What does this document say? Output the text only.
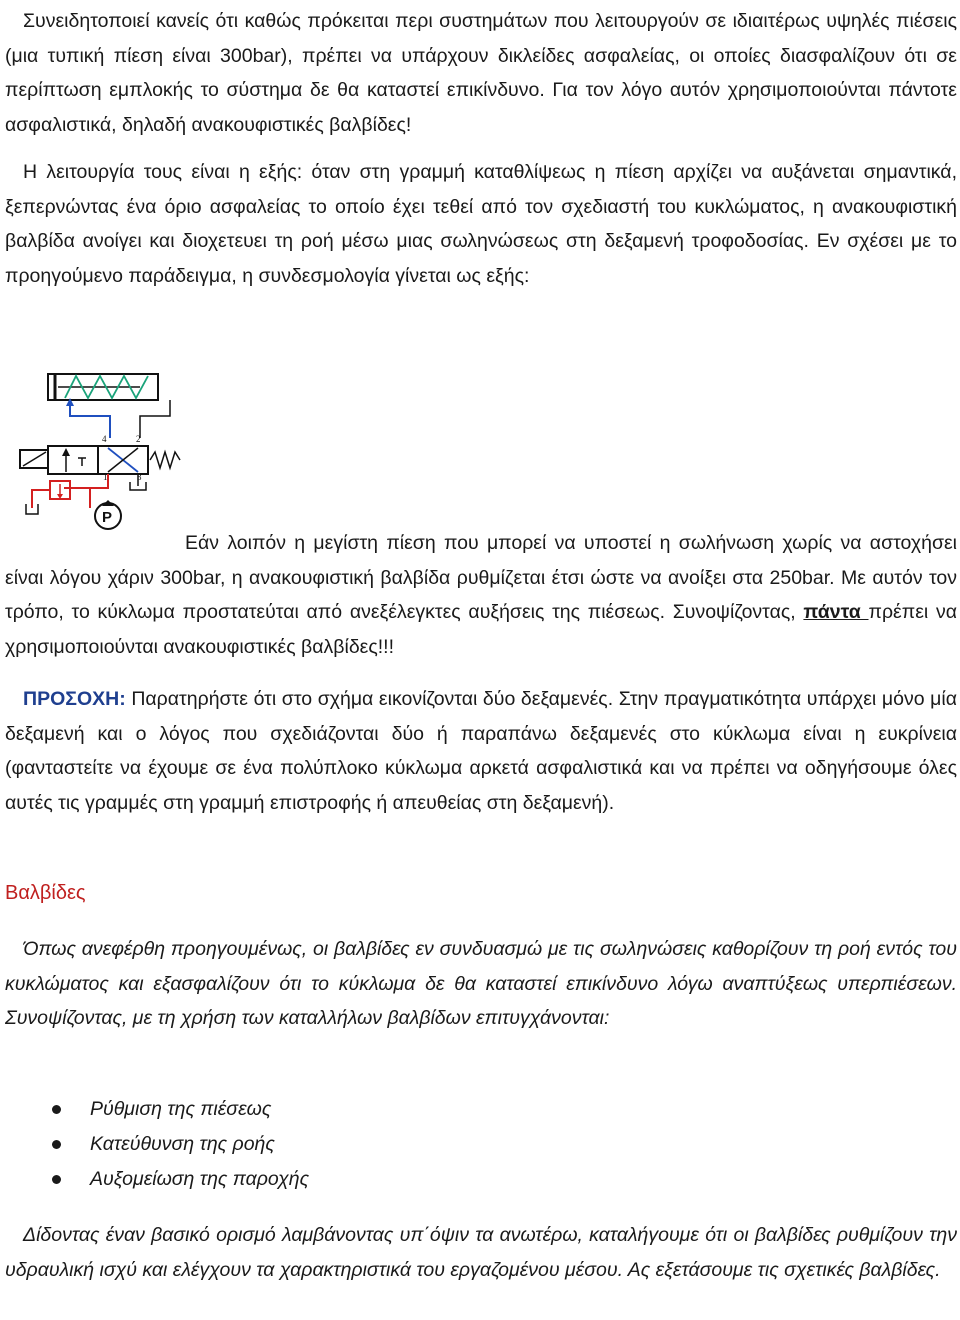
Συνειδητοποιεί κανείς ότι καθώς πρόκειται περι συστημάτων που λειτουργούν σε ιδιαιτέρως υψηλές πιέσεις (μια τυπική πίεση είναι 300bar), πρέπει να υπάρχουν δικλείδες ασφαλείας, οι οποίες διασφαλίζουν ότι σε περίπτωση εμπλοκής το σύστημα δε θα καταστεί επικίνδυνο. Για τον λόγο αυτόν χρησιμοποιούνται πάντοτε ασφαλιστικά, δηλαδή ανακουφιστικές βαλβίδες!

Η λειτουργία τους είναι η εξής: όταν στη γραμμή καταθλίψεως η πίεση αρχίζει να αυξάνεται σημαντικά, ξεπερνώντας ένα όριο ασφαλείας το οποίο έχει τεθεί από τον σχεδιαστή του κυκλώματος, η ανακουφιστική βαλβίδα ανοίγει και διοχετευει τη ροή μέσω μιας σωληνώσεως στη δεξαμενή τροφοδοσίας. Εν σχέσει με το προηγούμενο παράδειγμα, η συνδεσμολογία γίνεται ως εξής:

4	2
1	3
P

Εάν λοιπόν η μεγίστη πίεση που μπορεί να υποστεί η σωλήνωση χωρίς να αστοχήσει είναι λόγου χάριν 300bar, η ανακουφιστική βαλβίδα ρυθμίζεται έτσι ώστε να ανοίξει στα 250bar. Με αυτόν τον τρόπο, το κύκλωμα προστατεύται από ανεξέλεγκτες αυξήσεις της πιέσεως. Συνοψίζοντας, πάντα πρέπει να χρησιμοποιούνται ανακουφιστικές βαλβίδες!!!

ΠΡΟΣΟΧΗ: Παρατηρήστε ότι στο σχήμα εικονίζονται δύο δεξαμενές. Στην πραγματικότητα υπάρχει μόνο μία δεξαμενή και ο λόγος που σχεδιάζονται δύο ή παραπάνω δεξαμενές στο κύκλωμα είναι η ευκρίνεια (φανταστείτε να έχουμε σε ένα πολύπλοκο κύκλωμα αρκετά ασφαλιστικά και να πρέπει να οδηγήσουμε όλες αυτές τις γραμμές στη γραμμή επιστροφής ή απευθείας στη δεξαμενή).

Βαλβίδες

Όπως ανεφέρθη προηγουμένως, οι βαλβίδες εν συνδυασμώ με τις σωληνώσεις καθορίζουν τη ροή εντός του κυκλώματος και εξασφαλίζουν ότι το κύκλωμα δε θα καταστεί επικίνδυνο λόγω αναπτύξεως υπερπιέσεων. Συνοψίζοντας, με τη χρήση των καταλλήλων βαλβίδων επιτυγχάνονται:

Ρύθμιση της πιέσεως
Κατεύθυνση της ροής
Αυξομείωση της παροχής

Δίδοντας έναν βασικό ορισμό λαμβάνοντας υπ΄όψιν τα ανωτέρω, καταλήγουμε ότι οι βαλβίδες ρυθμίζουν την υδραυλική ισχύ και ελέγχουν τα χαρακτηριστικά του εργαζομένου μέσου. Ας εξετάσουμε τις σχετικές βαλβίδες.
